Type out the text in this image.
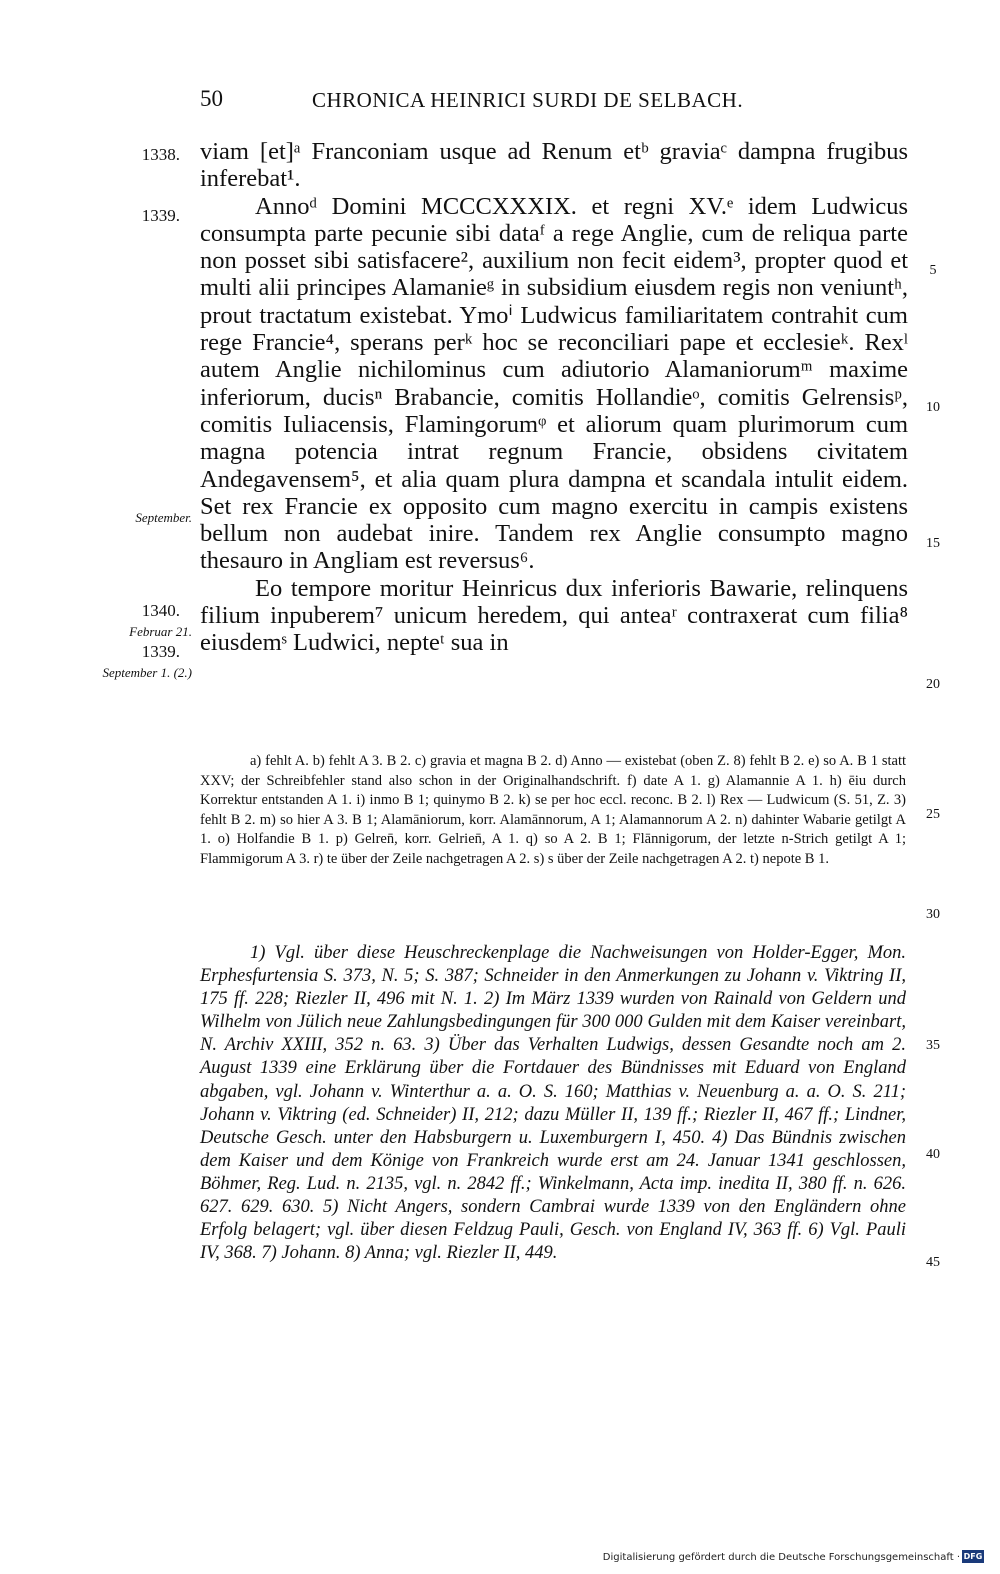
50	CHRONICA HEINRICI SURDI DE SELBACH.
1338.
1339.
September.
1340.
Februar 21.
1339.
September 1. (2.)

viam [et]ᵃ Franconiam usque ad Renum etᵇ graviaᶜ dampna frugibus inferebat¹.

Annoᵈ Domini MCCCXXXIX. et regni XV.ᵉ idem Ludwicus consumpta parte pecunie sibi dataᶠ a rege Anglie, cum de reliqua parte non posset sibi satisfacere², auxilium non fecit eidem³, propter quod et multi alii principes Alamanieᵍ in subsidium eiusdem regis non veniuntʰ, prout tractatum existebat. Ymoⁱ Ludwicus familiaritatem contrahit cum rege Francie⁴, sperans perᵏ hoc se reconciliari pape et ecclesieᵏ. Rexˡ autem Anglie nichilominus cum adiutorio Alamaniorumᵐ maxime inferiorum, ducisⁿ Brabancie, comitis Hollandieᵒ, comitis Gelrensisᵖ, comitis Iuliacensis, Flamingorumᵠ et aliorum quam plurimorum cum magna potencia intrat regnum Francie, obsidens civitatem Andegavensem⁵, et alia quam plura dampna et scandala intulit eidem. Set rex Francie ex opposito cum magno exercitu in campis existens bellum non audebat inire. Tandem rex Anglie consumpto magno thesauro in Angliam est reversus⁶.

Eo tempore moritur Heinricus dux inferioris Bawarie, relinquens filium inpuberem⁷ unicum heredem, qui anteaʳ contraxerat cum filia⁸ eiusdemˢ Ludwici, nepteᵗ sua in

5
10
15
20
25
30
35
40
45

a) fehlt A. b) fehlt A 3. B 2. c) gravia et magna B 2. d) Anno — existebat (oben Z. 8) fehlt B 2. e) so A. B 1 statt XXV; der Schreibfehler stand also schon in der Originalhandschrift. f) date A 1. g) Alamannie A 1. h) ēiu durch Korrektur entstanden A 1. i) inmo B 1; quinymo B 2. k) se per hoc eccl. reconc. B 2. l) Rex — Ludwicum (S. 51, Z. 3) fehlt B 2. m) so hier A 3. B 1; Alamāniorum, korr. Alamānnorum, A 1; Alamannorum A 2. n) dahinter Wabarie getilgt A 1. o) Holfandie B 1. p) Gelren̄, korr. Gelrien̄, A 1. q) so A 2. B 1; Flānnigorum, der letzte n-Strich getilgt A 1; Flammigorum A 3. r) te über der Zeile nachgetragen A 2. s) s über der Zeile nachgetragen A 2. t) nepote B 1.

1) Vgl. über diese Heuschreckenplage die Nachweisungen von Holder-Egger, Mon. Erphesfurtensia S. 373, N. 5; S. 387; Schneider in den Anmerkungen zu Johann v. Viktring II, 175 ff. 228; Riezler II, 496 mit N. 1. 2) Im März 1339 wurden von Rainald von Geldern und Wilhelm von Jülich neue Zahlungsbedingungen für 300 000 Gulden mit dem Kaiser vereinbart, N. Archiv XXIII, 352 n. 63. 3) Über das Verhalten Ludwigs, dessen Gesandte noch am 2. August 1339 eine Erklärung über die Fortdauer des Bündnisses mit Eduard von England abgaben, vgl. Johann v. Winterthur a. a. O. S. 160; Matthias v. Neuenburg a. a. O. S. 211; Johann v. Viktring (ed. Schneider) II, 212; dazu Müller II, 139 ff.; Riezler II, 467 ff.; Lindner, Deutsche Gesch. unter den Habsburgern u. Luxemburgern I, 450. 4) Das Bündnis zwischen dem Kaiser und dem Könige von Frankreich wurde erst am 24. Januar 1341 geschlossen, Böhmer, Reg. Lud. n. 2135, vgl. n. 2842 ff.; Winkelmann, Acta imp. inedita II, 380 ff. n. 626. 627. 629. 630. 5) Nicht Angers, sondern Cambrai wurde 1339 von den Engländern ohne Erfolg belagert; vgl. über diesen Feldzug Pauli, Gesch. von England IV, 363 ff. 6) Vgl. Pauli IV, 368. 7) Johann. 8) Anna; vgl. Riezler II, 449.

Digitalisierung gefördert durch die Deutsche Forschungsgemeinschaft · DFG
